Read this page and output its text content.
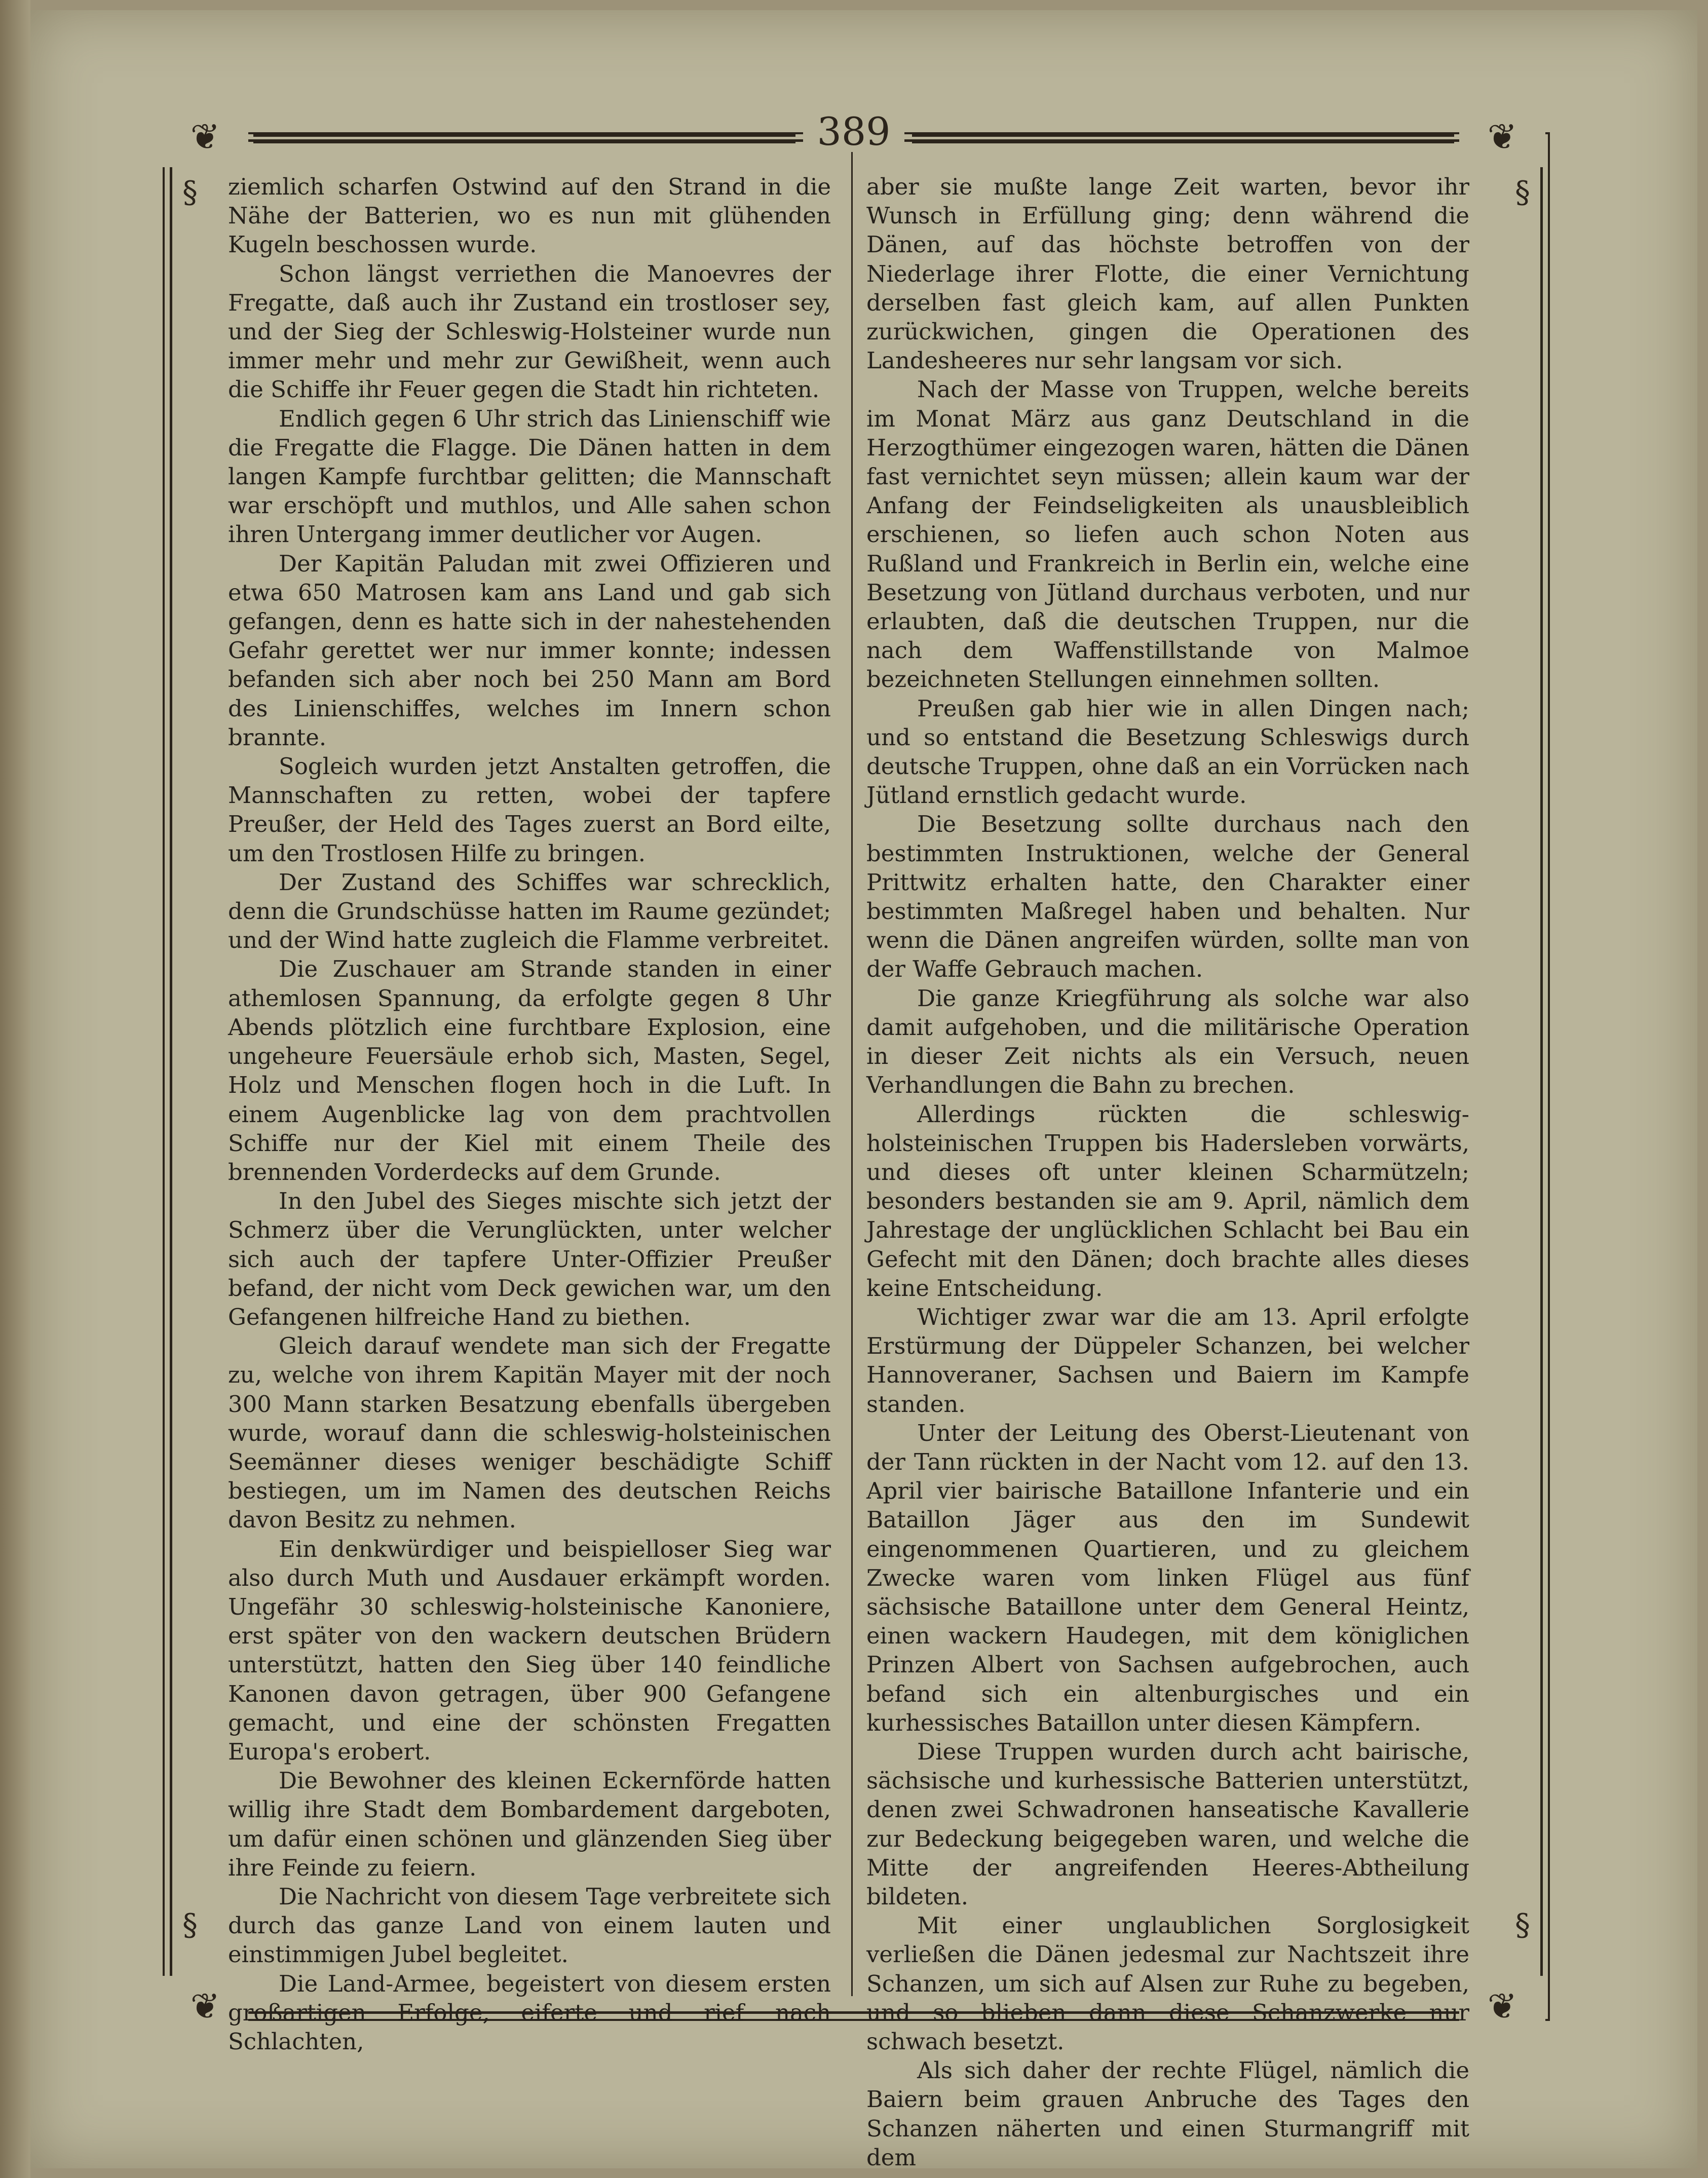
❦	❦
❦	❦
§	§
§	§
389

ziemlich scharfen Ostwind auf den Strand in die Nähe der Batterien, wo es nun mit glühenden Kugeln beschossen wurde.

Schon längst verriethen die Manoevres der Fregatte, daß auch ihr Zustand ein trostloser sey, und der Sieg der Schleswig-Holsteiner wurde nun immer mehr und mehr zur Gewißheit, wenn auch die Schiffe ihr Feuer gegen die Stadt hin richteten.

Endlich gegen 6 Uhr strich das Linienschiff wie die Fregatte die Flagge. Die Dänen hatten in dem langen Kampfe furchtbar gelitten; die Mannschaft war erschöpft und muthlos, und Alle sahen schon ihren Untergang immer deutlicher vor Augen.

Der Kapitän Paludan mit zwei Offizieren und etwa 650 Matrosen kam ans Land und gab sich gefangen, denn es hatte sich in der nahestehenden Gefahr gerettet wer nur immer konnte; indessen befanden sich aber noch bei 250 Mann am Bord des Linienschiffes, welches im Innern schon brannte.

Sogleich wurden jetzt Anstalten getroffen, die Mannschaften zu retten, wobei der tapfere Preußer, der Held des Tages zuerst an Bord eilte, um den Trostlosen Hilfe zu bringen.

Der Zustand des Schiffes war schrecklich, denn die Grundschüsse hatten im Raume gezündet; und der Wind hatte zugleich die Flamme verbreitet.

Die Zuschauer am Strande standen in einer athemlosen Spannung, da erfolgte gegen 8 Uhr Abends plötzlich eine furchtbare Explosion, eine ungeheure Feuersäule erhob sich, Masten, Segel, Holz und Menschen flogen hoch in die Luft. In einem Augenblicke lag von dem prachtvollen Schiffe nur der Kiel mit einem Theile des brennenden Vorderdecks auf dem Grunde.

In den Jubel des Sieges mischte sich jetzt der Schmerz über die Verunglückten, unter welcher sich auch der tapfere Unter-Offizier Preußer befand, der nicht vom Deck gewichen war, um den Gefangenen hilfreiche Hand zu biethen.

Gleich darauf wendete man sich der Fregatte zu, welche von ihrem Kapitän Mayer mit der noch 300 Mann starken Besatzung ebenfalls übergeben wurde, worauf dann die schleswig-holsteinischen Seemänner dieses weniger beschädigte Schiff bestiegen, um im Namen des deutschen Reichs davon Besitz zu nehmen.

Ein denkwürdiger und beispielloser Sieg war also durch Muth und Ausdauer erkämpft worden. Ungefähr 30 schleswig-holsteinische Kanoniere, erst später von den wackern deutschen Brüdern unterstützt, hatten den Sieg über 140 feindliche Kanonen davon getragen, über 900 Gefangene gemacht, und eine der schönsten Fregatten Europa's erobert.

Die Bewohner des kleinen Eckernförde hatten willig ihre Stadt dem Bombardement dargeboten, um dafür einen schönen und glänzenden Sieg über ihre Feinde zu feiern.

Die Nachricht von diesem Tage verbreitete sich durch das ganze Land von einem lauten und einstimmigen Jubel begleitet.

Die Land-Armee, begeistert von diesem ersten großartigen Erfolge, eiferte und rief nach Schlachten,

aber sie mußte lange Zeit warten, bevor ihr Wunsch in Erfüllung ging; denn während die Dänen, auf das höchste betroffen von der Niederlage ihrer Flotte, die einer Vernichtung derselben fast gleich kam, auf allen Punkten zurückwichen, gingen die Operationen des Landesheeres nur sehr langsam vor sich.

Nach der Masse von Truppen, welche bereits im Monat März aus ganz Deutschland in die Herzogthümer eingezogen waren, hätten die Dänen fast vernichtet seyn müssen; allein kaum war der Anfang der Feindseligkeiten als unausbleiblich erschienen, so liefen auch schon Noten aus Rußland und Frankreich in Berlin ein, welche eine Besetzung von Jütland durchaus verboten, und nur erlaubten, daß die deutschen Truppen, nur die nach dem Waffenstillstande von Malmoe bezeichneten Stellungen einnehmen sollten.

Preußen gab hier wie in allen Dingen nach; und so entstand die Besetzung Schleswigs durch deutsche Truppen, ohne daß an ein Vorrücken nach Jütland ernstlich gedacht wurde.

Die Besetzung sollte durchaus nach den bestimmten Instruktionen, welche der General Prittwitz erhalten hatte, den Charakter einer bestimmten Maßregel haben und behalten. Nur wenn die Dänen angreifen würden, sollte man von der Waffe Gebrauch machen.

Die ganze Kriegführung als solche war also damit aufgehoben, und die militärische Operation in dieser Zeit nichts als ein Versuch, neuen Verhandlungen die Bahn zu brechen.

Allerdings rückten die schleswig-holsteinischen Truppen bis Hadersleben vorwärts, und dieses oft unter kleinen Scharmützeln; besonders bestanden sie am 9. April, nämlich dem Jahrestage der unglücklichen Schlacht bei Bau ein Gefecht mit den Dänen; doch brachte alles dieses keine Entscheidung.

Wichtiger zwar war die am 13. April erfolgte Erstürmung der Düppeler Schanzen, bei welcher Hannoveraner, Sachsen und Baiern im Kampfe standen.

Unter der Leitung des Oberst-Lieutenant von der Tann rückten in der Nacht vom 12. auf den 13. April vier bairische Bataillone Infanterie und ein Bataillon Jäger aus den im Sundewit eingenommenen Quartieren, und zu gleichem Zwecke waren vom linken Flügel aus fünf sächsische Bataillone unter dem General Heintz, einen wackern Haudegen, mit dem königlichen Prinzen Albert von Sachsen aufgebrochen, auch befand sich ein altenburgisches und ein kurhessisches Bataillon unter diesen Kämpfern.

Diese Truppen wurden durch acht bairische, sächsische und kurhessische Batterien unterstützt, denen zwei Schwadronen hanseatische Kavallerie zur Bedeckung beigegeben waren, und welche die Mitte der angreifenden Heeres-Abtheilung bildeten.

Mit einer unglaublichen Sorglosigkeit verließen die Dänen jedesmal zur Nachtszeit ihre Schanzen, um sich auf Alsen zur Ruhe zu begeben, und so blieben dann diese Schanzwerke nur schwach besetzt.

Als sich daher der rechte Flügel, nämlich die Baiern beim grauen Anbruche des Tages den Schanzen näherten und einen Sturmangriff mit dem
